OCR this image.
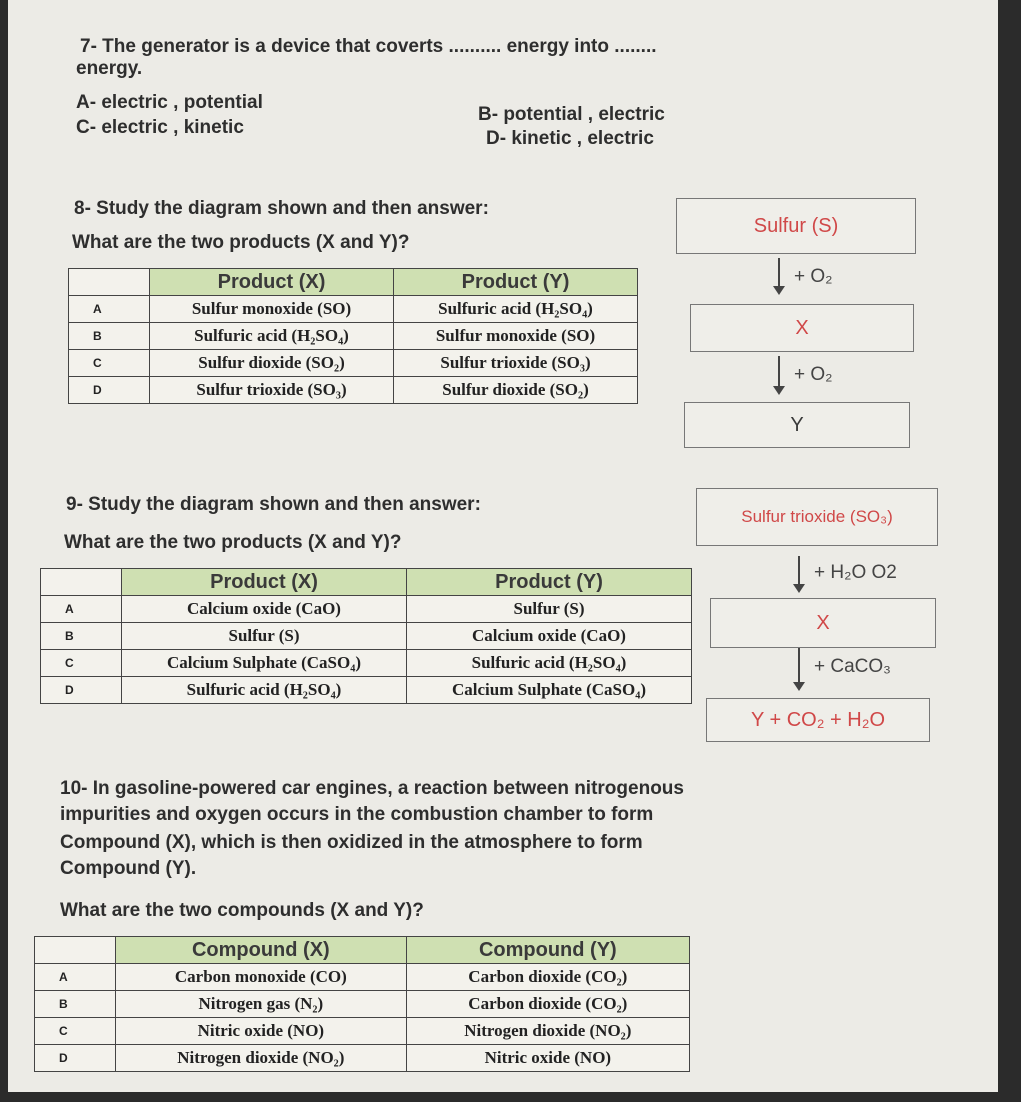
7- The generator is a device that coverts .......... energy into ........
energy.
A- electric , potential
B- potential , electric
C- electric , kinetic
D- kinetic , electric
8- Study the diagram shown and then answer:
What are the two products (X and Y)?
	Product (X)	Product (Y)
A	Sulfur monoxide (SO)	Sulfuric acid (H₂SO₄)
B	Sulfuric acid (H₂SO₄)	Sulfur monoxide (SO)
C	Sulfur dioxide (SO₂)	Sulfur trioxide (SO₃)
D	Sulfur trioxide (SO₃)	Sulfur dioxide (SO₂)
Sulfur (S)
+ O₂
X
+ O₂
Y
9- Study the diagram shown and then answer:
What are the two products (X and Y)?
	Product (X)	Product (Y)
A	Calcium oxide (CaO)	Sulfur (S)
B	Sulfur (S)	Calcium oxide (CaO)
C	Calcium Sulphate (CaSO₄)	Sulfuric acid (H₂SO₄)
D	Sulfuric acid (H₂SO₄)	Calcium Sulphate (CaSO₄)
Sulfur trioxide (SO₃)
+ H₂O O2
X
+ CaCO₃
Y + CO₂ + H₂O
10- In gasoline-powered car engines, a reaction between nitrogenous
impurities and oxygen occurs in the combustion chamber to form
Compound (X), which is then oxidized in the atmosphere to form
Compound (Y).
What are the two compounds (X and Y)?
	Compound (X)	Compound (Y)
A	Carbon monoxide (CO)	Carbon dioxide (CO₂)
B	Nitrogen gas (N₂)	Carbon dioxide (CO₂)
C	Nitric oxide (NO)	Nitrogen dioxide (NO₂)
D	Nitrogen dioxide (NO₂)	Nitric oxide (NO)
